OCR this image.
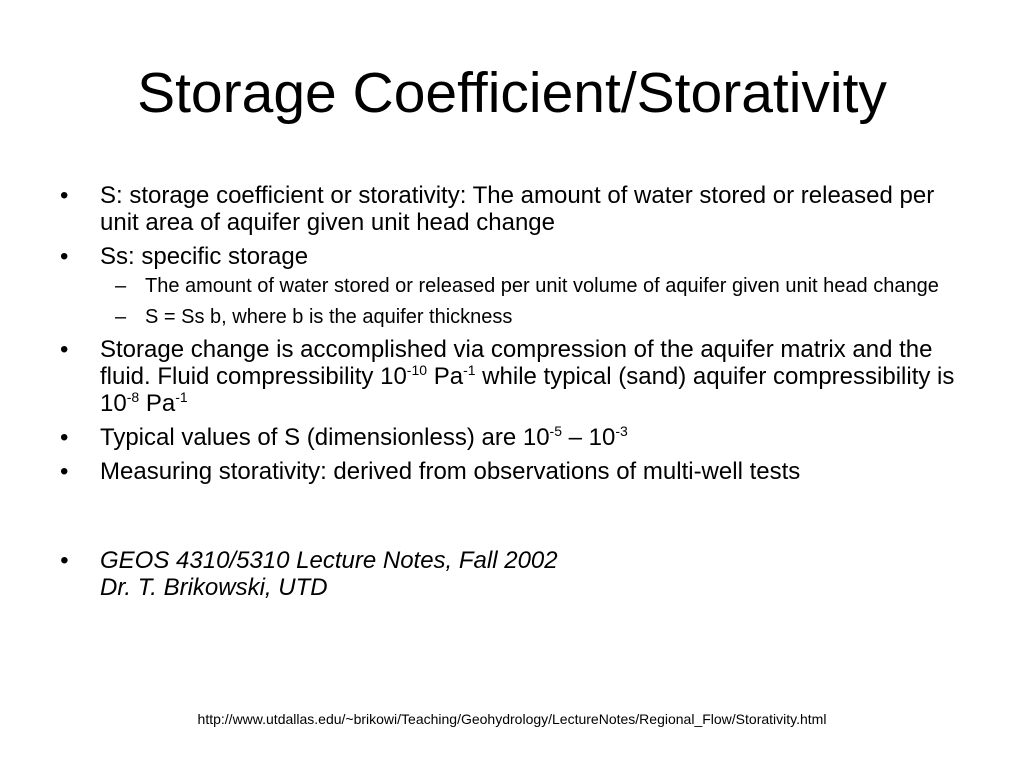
Storage Coefficient/Storativity
• S: storage coefficient or storativity: The amount of water stored or released per unit area of aquifer given unit head change
• Ss: specific storage
– The amount of water stored or released per unit volume of aquifer given unit head change
– S = Ss b, where b is the aquifer thickness
• Storage change is accomplished via compression of the aquifer matrix and the fluid. Fluid compressibility $10^{-10}$ $Pa^{-1}$ while typical (sand) aquifer compressibility is $10^{-8}$ $Pa^{-1}$
• Typical values of S (dimensionless) are $10^{-5} - 10^{-3}$
• Measuring storativity: derived from observations of multi-well tests
• GEOS 4310/5310 Lecture Notes, Fall 2002
Dr. T. Brikowski, UTD
http://www.utdallas.edu/~brikowi/Teaching/Geohydrology/LectureNotes/Regional_Flow/Storativity.html
